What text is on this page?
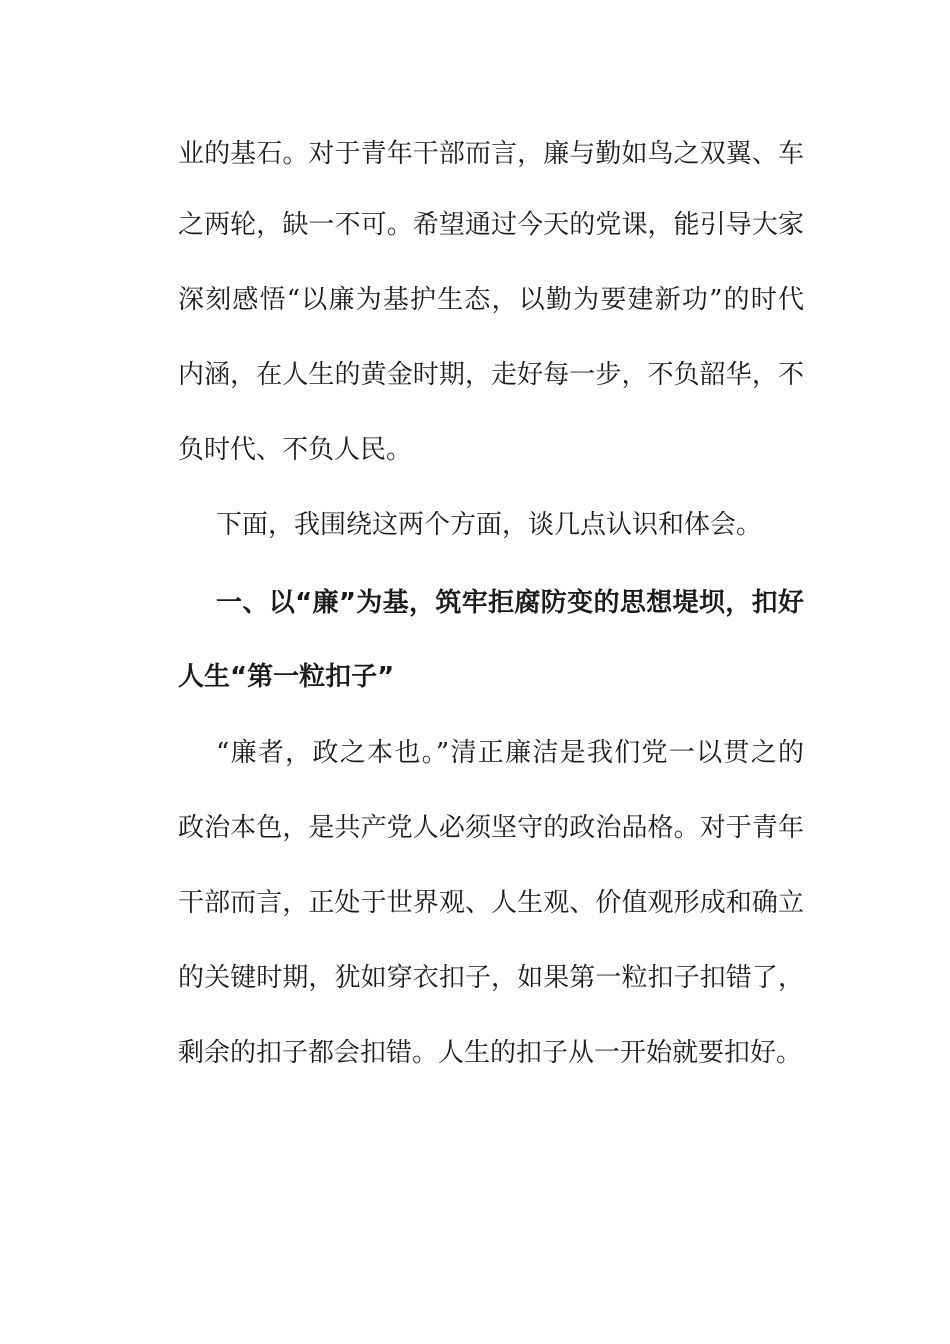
业的基石。对于青年干部而言，廉与勤如鸟之双翼、车
之两轮，缺一不可。希望通过今天的党课，能引导大家
深刻感悟“以廉为基护生态，以勤为要建新功”的时代
内涵，在人生的黄金时期，走好每一步，不负韶华，不
负时代、不负人民。
下面，我围绕这两个方面，谈几点认识和体会。
一、以“廉”为基，筑牢拒腐防变的思想堤坝，扣好
人生“第一粒扣子”
“廉者，政之本也。”清正廉洁是我们党一以贯之的
政治本色，是共产党人必须坚守的政治品格。对于青年
干部而言，正处于世界观、人生观、价值观形成和确立
的关键时期，犹如穿衣扣子，如果第一粒扣子扣错了，
剩余的扣子都会扣错。人生的扣子从一开始就要扣好。
